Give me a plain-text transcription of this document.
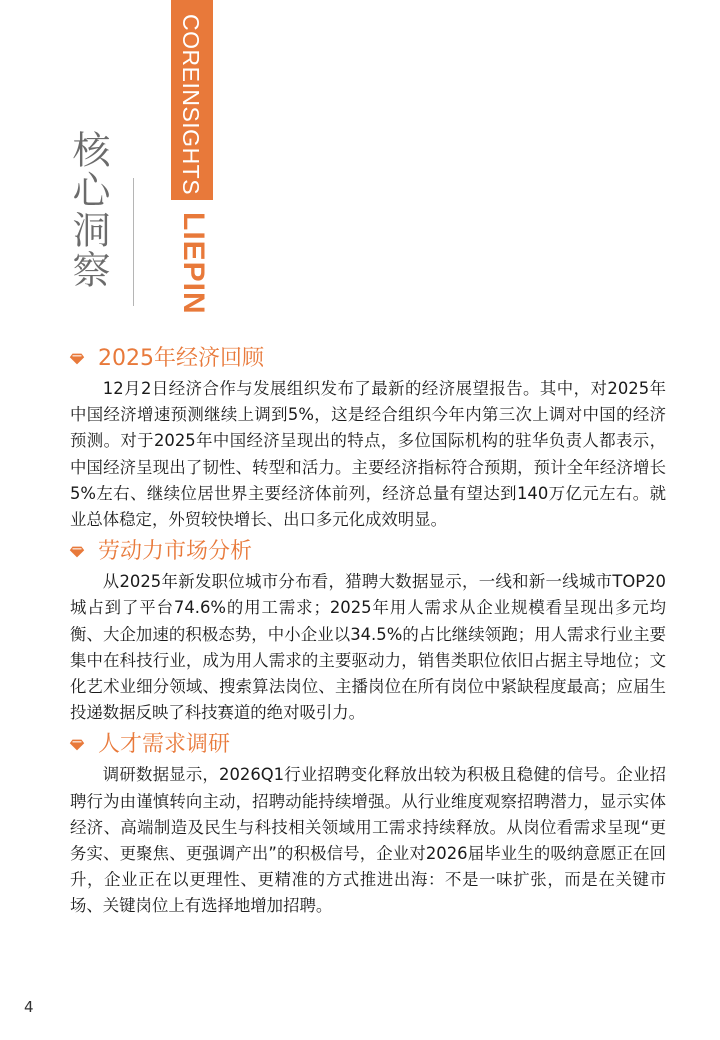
COREINSIGHTS
LIEPIN
核心洞察
2025年经济回顾

12月2日经济合作与发展组织发布了最新的经济展望报告。其中，对2025年中国经济增速预测继续上调到5%，这是经合组织今年内第三次上调对中国的经济预测。对于2025年中国经济呈现出的特点，多位国际机构的驻华负责人都表示，中国经济呈现出了韧性、转型和活力。主要经济指标符合预期，预计全年经济增长5%左右、继续位居世界主要经济体前列，经济总量有望达到140万亿元左右。就业总体稳定，外贸较快增长、出口多元化成效明显。

劳动力市场分析

从2025年新发职位城市分布看，猎聘大数据显示，一线和新一线城市TOP20城占到了平台74.6%的用工需求；2025年用人需求从企业规模看呈现出多元均衡、大企加速的积极态势，中小企业以34.5%的占比继续领跑；用人需求行业主要集中在科技行业，成为用人需求的主要驱动力，销售类职位依旧占据主导地位；文化艺术业细分领域、搜索算法岗位、主播岗位在所有岗位中紧缺程度最高；应届生投递数据反映了科技赛道的绝对吸引力。

人才需求调研

调研数据显示，2026Q1行业招聘变化释放出较为积极且稳健的信号。企业招聘行为由谨慎转向主动，招聘动能持续增强。从行业维度观察招聘潜力，显示实体经济、高端制造及民生与科技相关领域用工需求持续释放。从岗位看需求呈现“更务实、更聚焦、更强调产出”的积极信号，企业对2026届毕业生的吸纳意愿正在回升，企业正在以更理性、更精准的方式推进出海：不是一味扩张，而是在关键市场、关键岗位上有选择地增加招聘。

4
